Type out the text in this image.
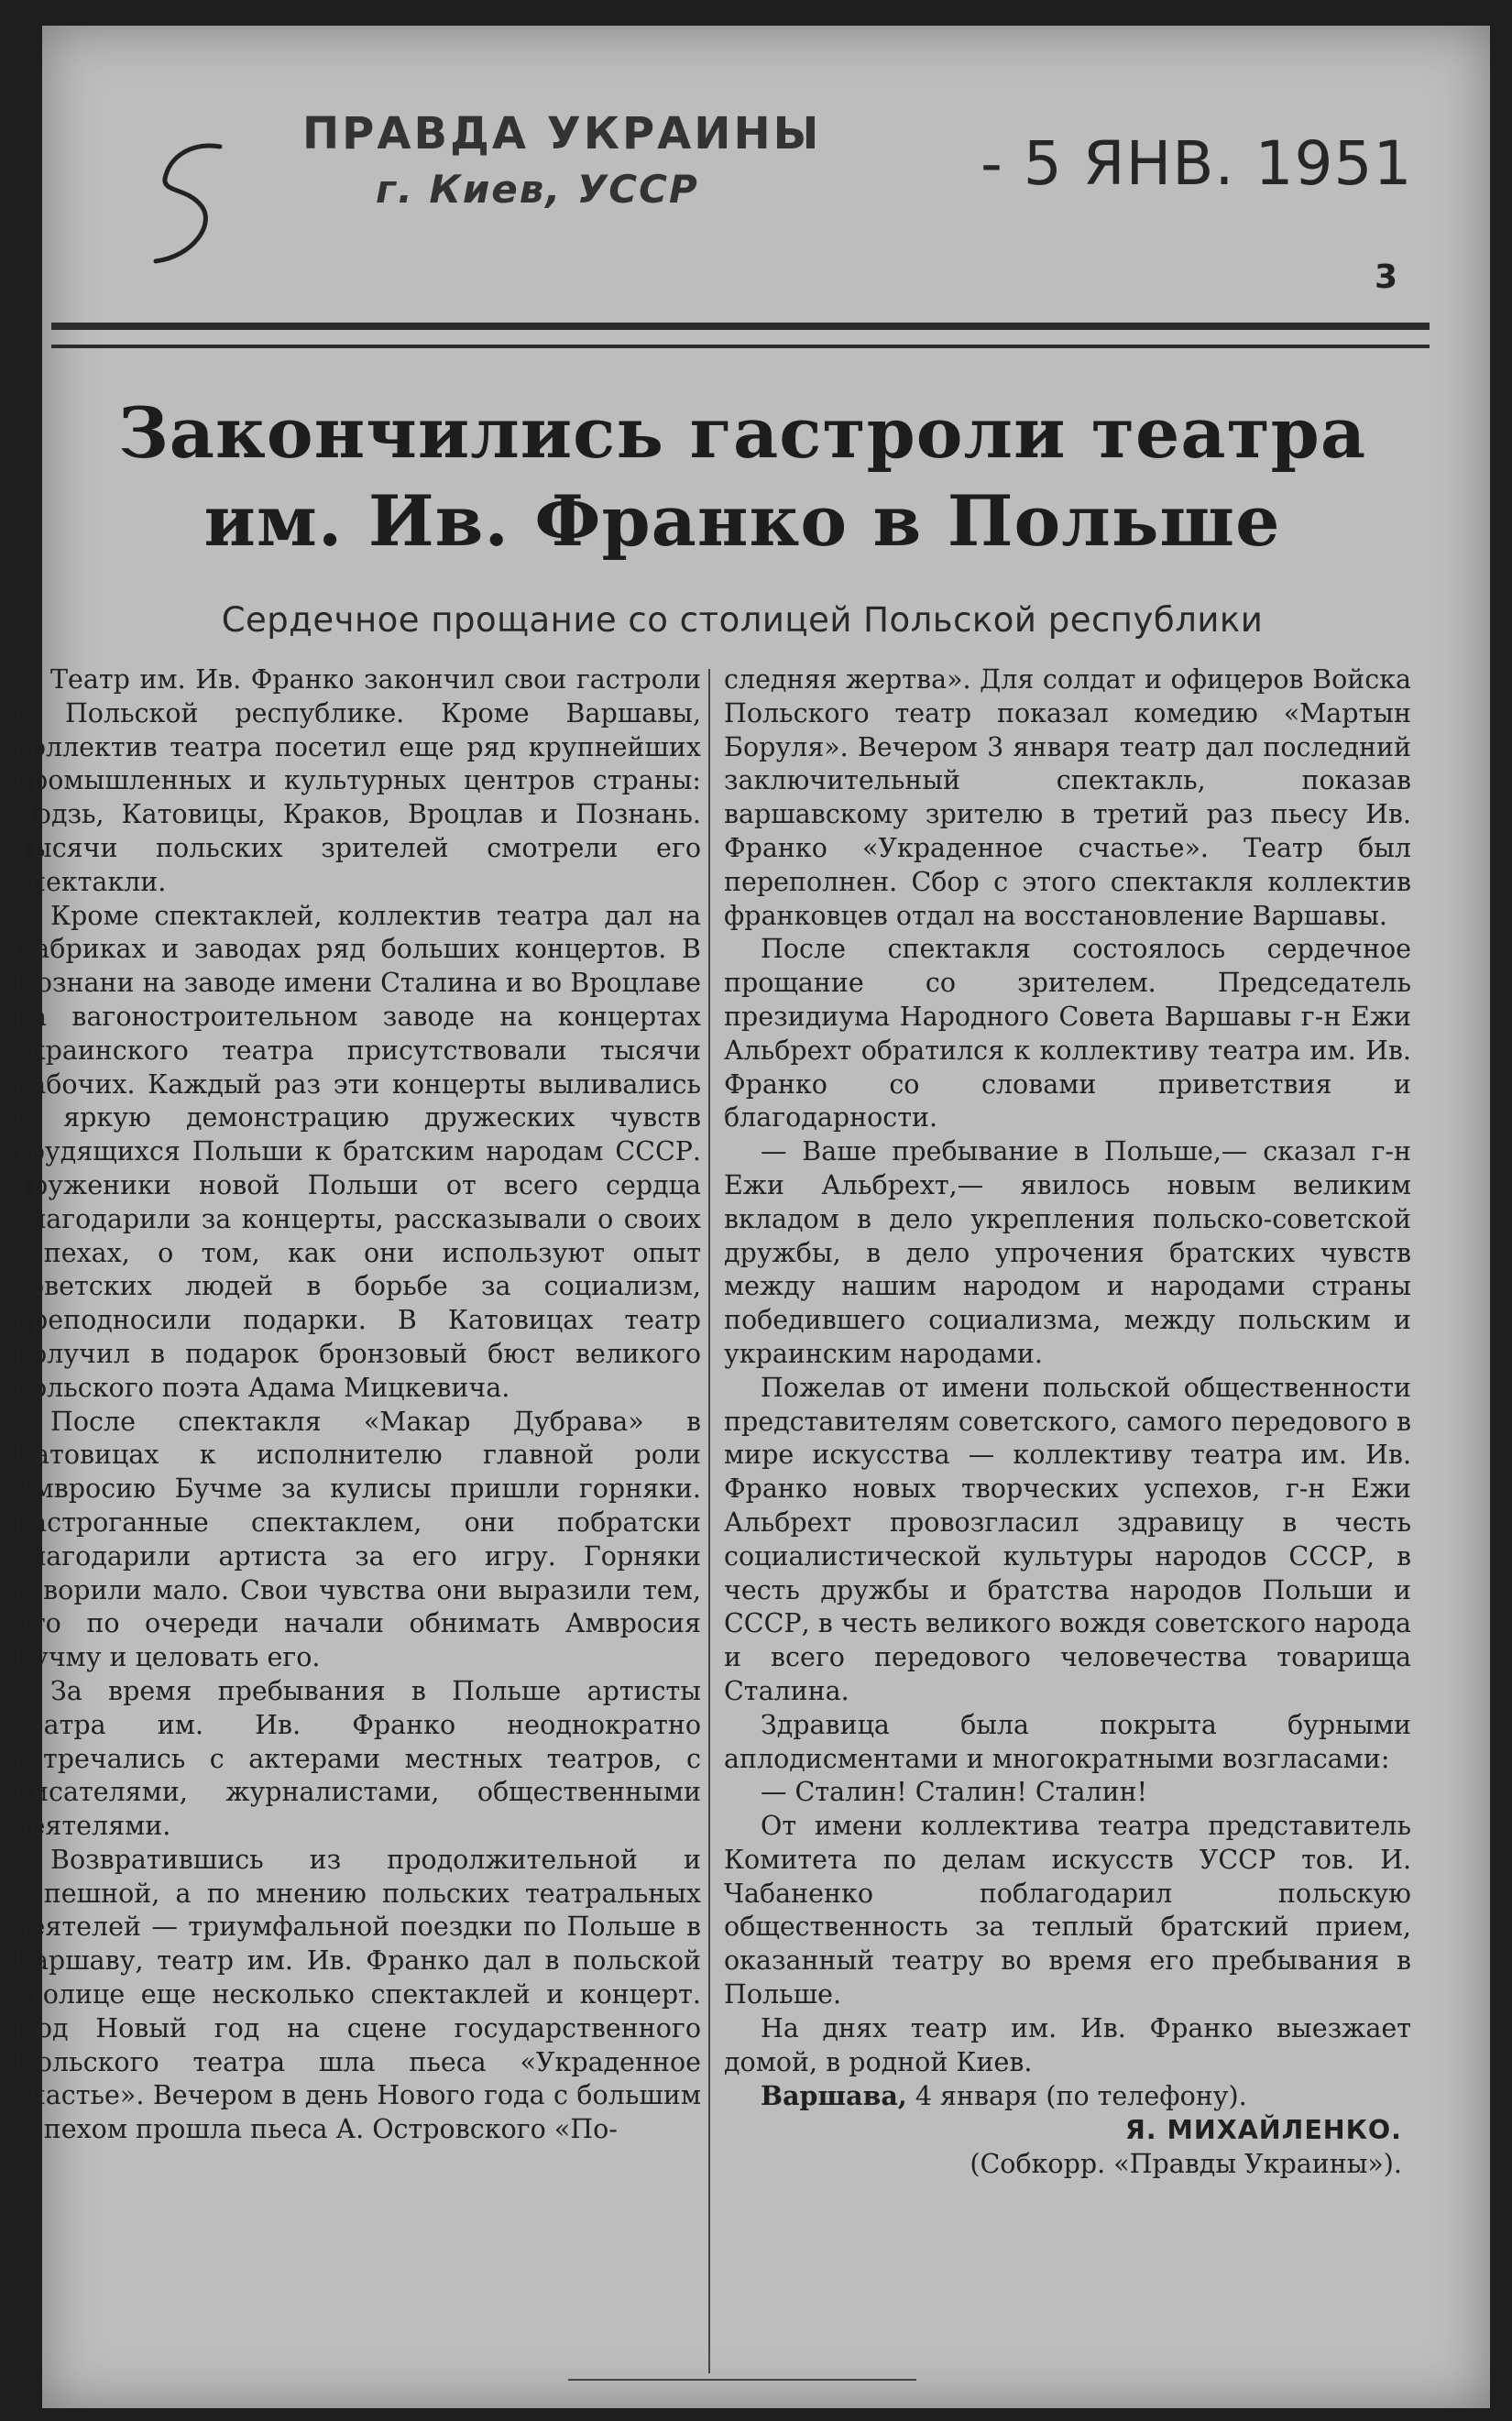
5	ПРАВДА УКРАИНЫ
г. Киев, УССР	- 5 ЯНВ. 1951
3
Закончились гастроли театра
им. Ив. Франко в Польше
Сердечное прощание со столицей Польской республики

Театр им. Ив. Франко закончил свои гастроли в Польской республике. Кроме Варшавы, коллектив театра посетил еще ряд крупнейших промышленных и культурных центров страны: Лодзь, Катовицы, Краков, Вроцлав и Познань. Тысячи польских зрителей смотрели его спектакли.

Кроме спектаклей, коллектив театра дал на фабриках и заводах ряд больших концертов. В Познани на заводе имени Сталина и во Вроцлаве на вагоностроительном заводе на концертах украинского театра присутствовали тысячи рабочих. Каждый раз эти концерты выливались в яркую демонстрацию дружеских чувств трудящихся Польши к братским народам СССР. Труженики новой Польши от всего сердца благодарили за концерты, рассказывали о своих успехах, о том, как они используют опыт советских людей в борьбе за социализм, преподносили подарки. В Катовицах театр получил в подарок бронзовый бюст великого польского поэта Адама Мицкевича.

После спектакля «Макар Дубрава» в Катовицах к исполнителю главной роли Амвросию Бучме за кулисы пришли горняки. Растроганные спектаклем, они побратски благодарили артиста за его игру. Горняки говорили мало. Свои чувства они выразили тем, что по очереди начали обнимать Амвросия Бучму и целовать его.

За время пребывания в Польше артисты театра им. Ив. Франко неоднократно встречались с актерами местных театров, с писателями, журналистами, общественными деятелями.

Возвратившись из продолжительной и успешной, а по мнению польских театральных деятелей — триумфальной поездки по Польше в Варшаву, театр им. Ив. Франко дал в польской столице еще несколько спектаклей и концерт. Под Новый год на сцене государственного Польского театра шла пьеса «Украденное счастье». Вечером в день Нового года с большим успехом прошла пьеса А. Островского «По-

следняя жертва». Для солдат и офицеров Войска Польского театр показал комедию «Мартын Боруля». Вечером 3 января театр дал последний заключительный спектакль, показав варшавскому зрителю в третий раз пьесу Ив. Франко «Украденное счастье». Театр был переполнен. Сбор с этого спектакля коллектив франковцев отдал на восстановление Варшавы.

После спектакля состоялось сердечное прощание со зрителем. Председатель президиума Народного Совета Варшавы г-н Ежи Альбрехт обратился к коллективу театра им. Ив. Франко со словами приветствия и благодарности.

— Ваше пребывание в Польше,— сказал г-н Ежи Альбрехт,— явилось новым великим вкладом в дело укрепления польско-советской дружбы, в дело упрочения братских чувств между нашим народом и народами страны победившего социализма, между польским и украинским народами.

Пожелав от имени польской общественности представителям советского, самого передового в мире искусства — коллективу театра им. Ив. Франко новых творческих успехов, г-н Ежи Альбрехт провозгласил здравицу в честь социалистической культуры народов СССР, в честь дружбы и братства народов Польши и СССР, в честь великого вождя советского народа и всего передового человечества товарища Сталина.

Здравица была покрыта бурными аплодисментами и многократными возгласами:

— Сталин! Сталин! Сталин!

От имени коллектива театра представитель Комитета по делам искусств УССР тов. И. Чабаненко поблагодарил польскую общественность за теплый братский прием, оказанный театру во время его пребывания в Польше.

На днях театр им. Ив. Франко выезжает домой, в родной Киев.

Варшава, 4 января (по телефону).

Я. МИХАЙЛЕНКО.

(Собкорр. «Правды Украины»).
